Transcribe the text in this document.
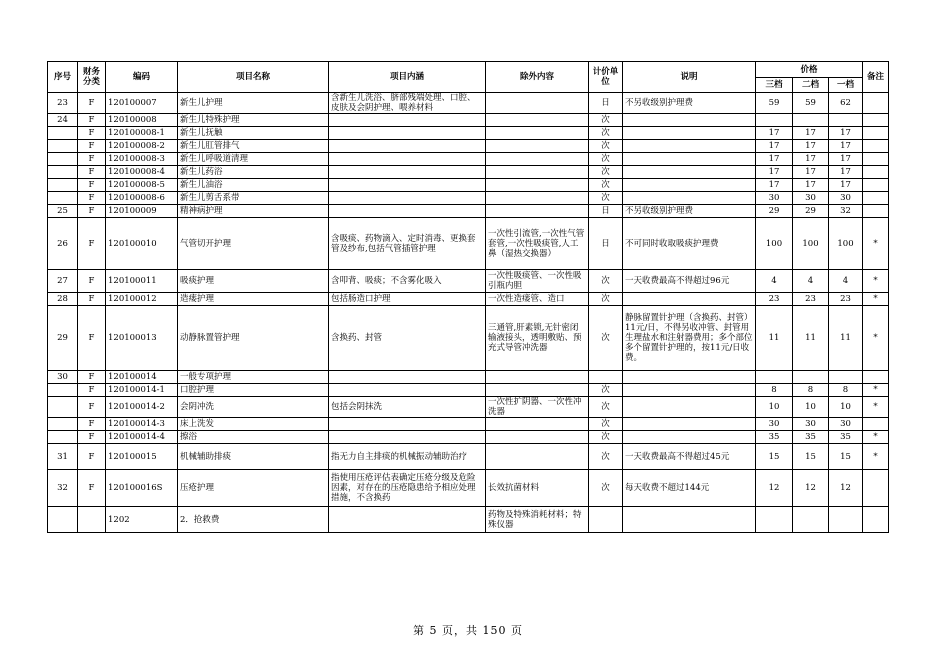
序号	财务分类	编码	项目名称	项目内涵	除外内容	计价单位	说明	价格			备注
								三档	二档	一档	
23	F	120100007	新生儿护理	含新生儿洗浴、脐部残端处理、口腔、皮肤及会阴护理、喂养材料		日	不另收级别护理费	59	59	62	
24	F	120100008	新生儿特殊护理			次					
	F	120100008-1	新生儿抚触			次		17	17	17	
	F	120100008-2	新生儿肛管排气			次		17	17	17	
	F	120100008-3	新生儿呼吸道清理			次		17	17	17	
	F	120100008-4	新生儿药浴			次		17	17	17	
	F	120100008-5	新生儿油浴			次		17	17	17	
	F	120100008-6	新生儿剪舌系带			次		30	30	30	
25	F	120100009	精神病护理			日	不另收级别护理费	29	29	32	
26	F	120100010	气管切开护理	含吸痰、药物滴入、定时消毒、更换套管及纱布,包括气管插管护理	一次性引流管,一次性气管套管,一次性吸痰管,人工鼻（湿热交换器）	日	不可同时收取吸痰护理费	100	100	100	*
27	F	120100011	吸痰护理	含叩背、吸痰；不含雾化吸入	一次性吸痰管、一次性吸引瓶内胆	次	一天收费最高不得超过96元	4	4	4	*
28	F	120100012	造瘘护理	包括肠造口护理	一次性造瘘管、造口	次		23	23	23	*
29	F	120100013	动静脉置管护理	含换药、封管	三通管,肝素锁,无针密闭输液接头，透明敷贴、预充式导管冲洗器	次	静脉留置针护理（含换药、封管）11元/日，不得另收冲管、封管用生理盐水和注射器费用；多个部位多个留置针护理的，按11元/日收费。	11	11	11	*
30	F	120100014	一般专项护理								
	F	120100014-1	口腔护理			次		8	8	8	*
	F	120100014-2	会阴冲洗	包括会阴抹洗	一次性扩阴器、一次性冲洗器	次		10	10	10	*
	F	120100014-3	床上洗发			次		30	30	30	
	F	120100014-4	擦浴			次		35	35	35	*
31	F	120100015	机械辅助排痰	指无力自主排痰的机械振动辅助治疗		次	一天收费最高不得超过45元	15	15	15	*
32	F	120100016S	压疮护理	指使用压疮评估表确定压疮分级及危险因素，对存在的压疮隐患给予相应处理措施，不含换药	长效抗菌材料	次	每天收费不超过144元	12	12	12	
		1202	2．抢救费		药物及特殊消耗材料；特殊仪器						
第 5 页，共 150 页
